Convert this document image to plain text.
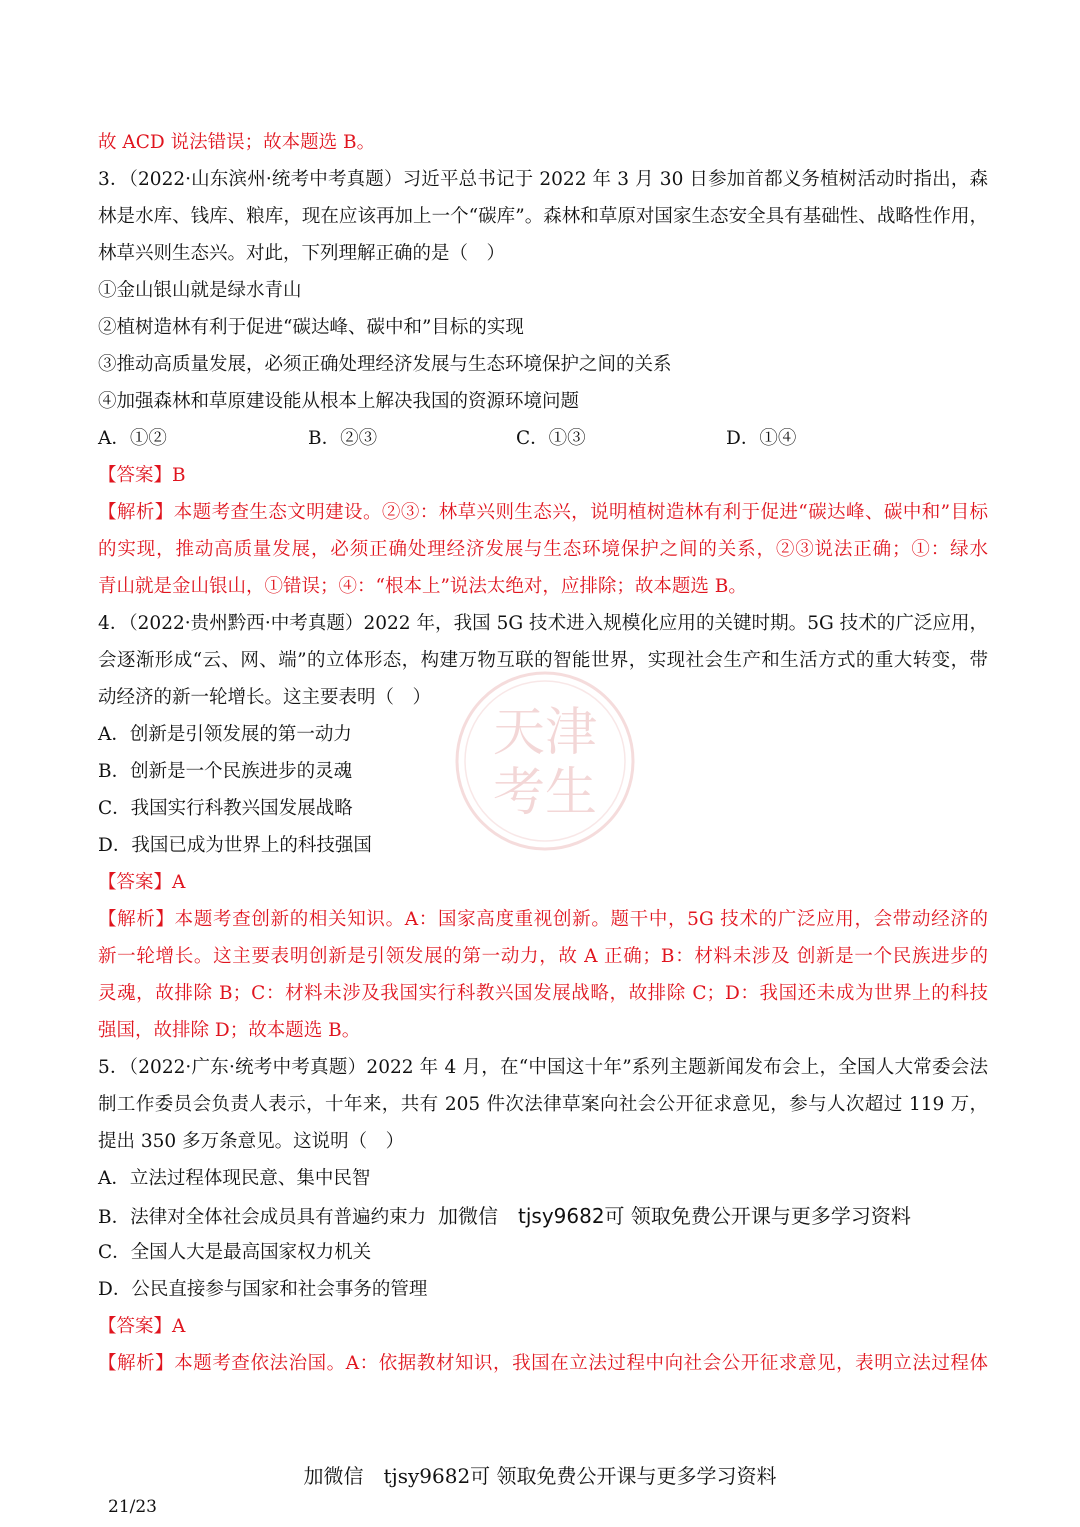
天津
考生
故 ACD 说法错误；故本题选 B。
3．（2022·山东滨州·统考中考真题）习近平总书记于 2022 年 3 月 30 日参加首都义务植树活动时指出，森
林是水库、钱库、粮库，现在应该再加上一个“碳库”。森林和草原对国家生态安全具有基础性、战略性作用，
林草兴则生态兴。对此，下列理解正确的是（　）
①金山银山就是绿水青山
②植树造林有利于促进“碳达峰、碳中和”目标的实现
③推动高质量发展，必须正确处理经济发展与生态环境保护之间的关系
④加强森林和草原建设能从根本上解决我国的资源环境问题
A．①②	B．②③	C．①③	D．①④
【答案】B
【解析】本题考查生态文明建设。②③：林草兴则生态兴，说明植树造林有利于促进“碳达峰、碳中和”目标
的实现，推动高质量发展，必须正确处理经济发展与生态环境保护之间的关系，②③说法正确；①：绿水
青山就是金山银山，①错误；④：“根本上”说法太绝对，应排除；故本题选 B。
4．（2022·贵州黔西·中考真题）2022 年，我国 5G 技术进入规模化应用的关键时期。5G 技术的广泛应用，
会逐渐形成“云、网、端”的立体形态，构建万物互联的智能世界，实现社会生产和生活方式的重大转变，带
动经济的新一轮增长。这主要表明（　）
A．创新是引领发展的第一动力
B．创新是一个民族进步的灵魂
C．我国实行科教兴国发展战略
D．我国已成为世界上的科技强国
【答案】A
【解析】本题考查创新的相关知识。A：国家高度重视创新。题干中，5G 技术的广泛应用，会带动经济的
新一轮增长。这主要表明创新是引领发展的第一动力，故 A 正确；B：材料未涉及 创新是一个民族进步的
灵魂，故排除 B；C：材料未涉及我国实行科教兴国发展战略，故排除 C；D：我国还未成为世界上的科技
强国，故排除 D；故本题选 B。
5．（2022·广东·统考中考真题）2022 年 4 月，在“中国这十年”系列主题新闻发布会上，全国人大常委会法
制工作委员会负责人表示，十年来，共有 205 件次法律草案向社会公开征求意见，参与人次超过 119 万，
提出 350 多万条意见。这说明（　）
A．立法过程体现民意、集中民智
B．法律对全体社会成员具有普遍约束力 加微信　tjsy9682可 领取免费公开课与更多学习资料
C．全国人大是最高国家权力机关
D．公民直接参与国家和社会事务的管理
【答案】A
【解析】本题考查依法治国。A：依据教材知识，我国在立法过程中向社会公开征求意见，表明立法过程体
加微信　tjsy9682可 领取免费公开课与更多学习资料
21/23
